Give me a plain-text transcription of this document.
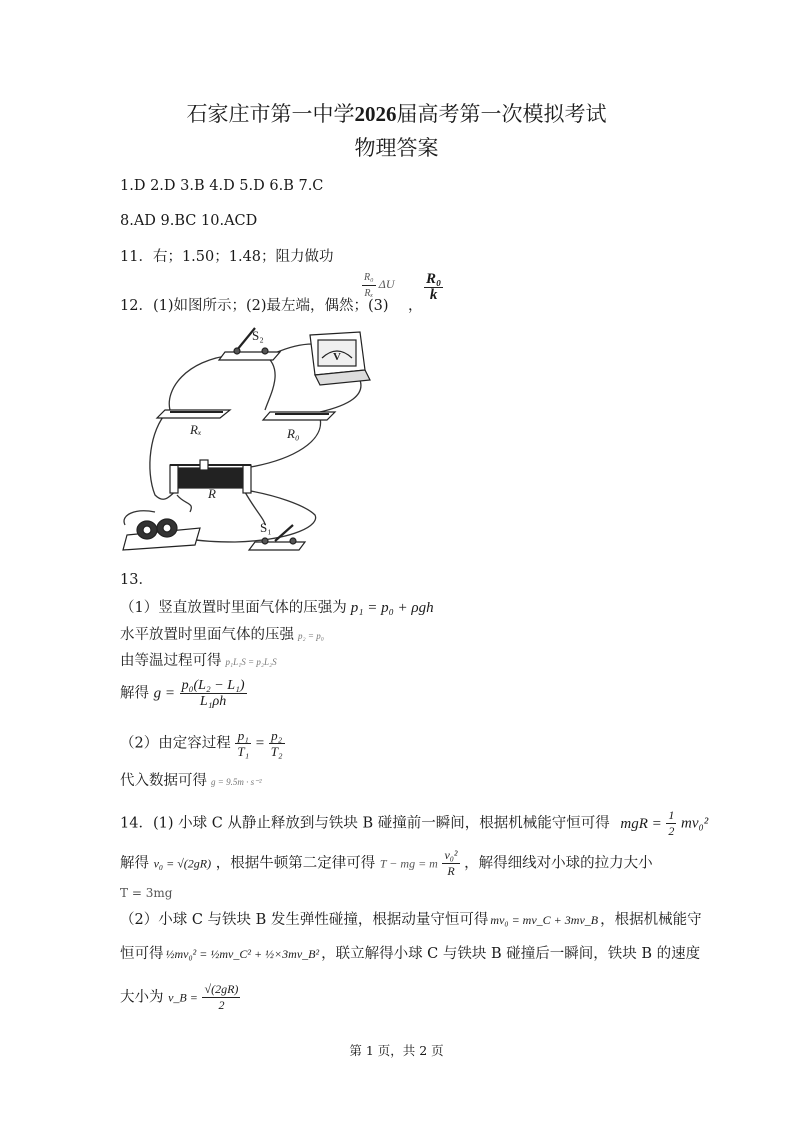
石家庄市第一中学2026届高考第一次模拟考试
物理答案
1.D 2.D 3.B 4.D 5.D 6.B 7.C
8.AD 9.BC 10.ACD
11．右；1.50；1.48；阻力做功
12．(1)如图所示；(2)最左端，偶然；(3)
$\frac{\text{R₀}}{\text{Rₓ}}$ ΔU
，
$\frac{\text{R₀}}{k}$
S₂
V
Rₓ	R₀
R
S₁
13．
（1）竖直放置时里面气体的压强为 p₁ = p₀ + ρgh
水平放置时里面气体的压强 p₂ = p₀
由等温过程可得 p₁L₁S = p₂L₂S
解得 $g = \frac{\text{p₀(L₂ − L₁)}}{\text{L₁ρh}}$
（2）由定容过程 $\frac{\text{p₁}}{\text{T₁}} = \frac{\text{p₂}}{\text{T₂}}$
代入数据可得 g = 9.5m · s⁻²
14．(1) 小球 C 从静止释放到与铁块 B 碰撞前一瞬间，根据机械能守恒可得 mgR = $\frac{1}{2} mv_0^2$
解得 v₀ = √(2gR) ，根据牛顿第二定律可得 T − mg = m $\frac{\text{v₀²}}{R}$ ，解得细线对小球的拉力大小
T = 3mg
（2）小球 C 与铁块 B 发生弹性碰撞，根据动量守恒可得 mv₀ = mv_C + 3mv_B ，根据机械能守
恒可得 ½mv₀² = ½mv_C² + ½×3mv_B² ，联立解得小球 C 与铁块 B 碰撞后一瞬间，铁块 B 的速度
大小为 v_B = $\frac{√(2gR)}{2}$
第 1 页，共 2 页
